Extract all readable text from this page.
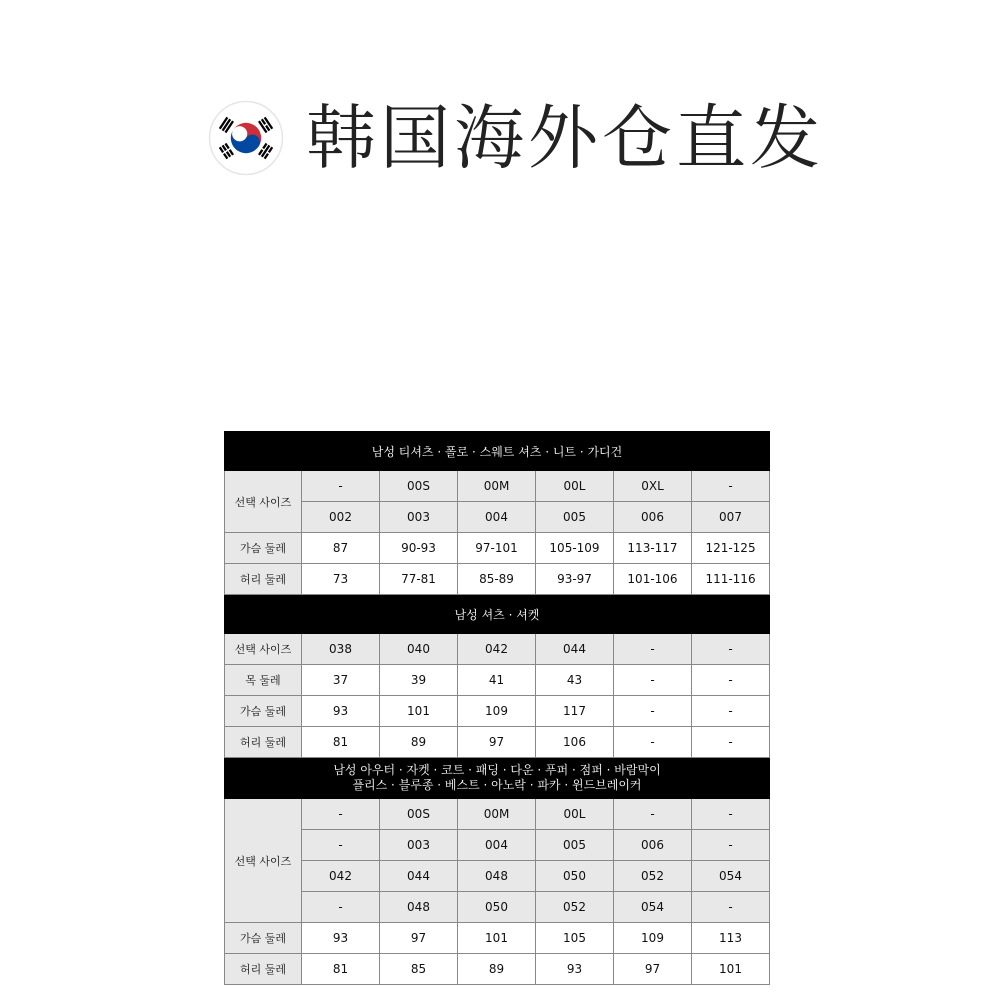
韩国海外仓直发
남성 티셔츠 · 폴로 · 스웨트 셔츠 · 니트 · 가디건						
선택 사이즈	-	00S	00M	00L	0XL	-
	002	003	004	005	006	007
가슴 둘레	87	90-93	97-101	105-109	113-117	121-125
허리 둘레	73	77-81	85-89	93-97	101-106	111-116
남성 셔츠 · 셔켓						
선택 사이즈	038	040	042	044	-	-
목 둘레	37	39	41	43	-	-
가슴 둘레	93	101	109	117	-	-
허리 둘레	81	89	97	106	-	-

남성 아우터 · 자켓 · 코트 · 패딩 · 다운 · 푸퍼 · 점퍼 · 바람막이
플리스 · 블루종 · 베스트 · 아노락 · 파카 · 윈드브레이커						

선택 사이즈	-	00S	00M	00L	-	-
	-	003	004	005	006	-
	042	044	048	050	052	054
	-	048	050	052	054	-
가슴 둘레	93	97	101	105	109	113
허리 둘레	81	85	89	93	97	101
